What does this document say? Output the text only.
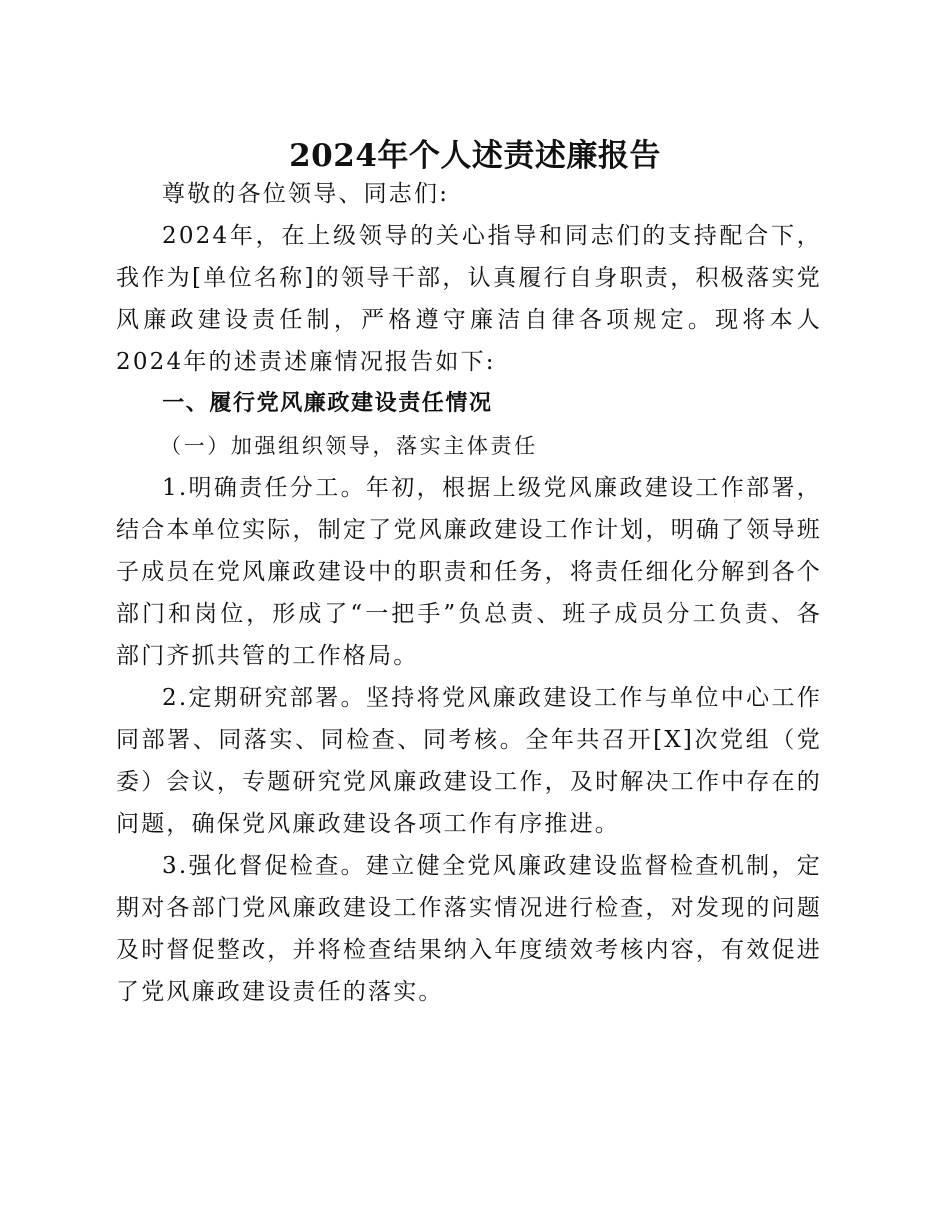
2024年个人述责述廉报告

尊敬的各位领导、同志们:

2024年，在上级领导的关心指导和同志们的支持配合下，我作为[单位名称]的领导干部，认真履行自身职责，积极落实党风廉政建设责任制，严格遵守廉洁自律各项规定。现将本人2024年的述责述廉情况报告如下:

一、履行党风廉政建设责任情况

（一）加强组织领导，落实主体责任

1.明确责任分工。年初，根据上级党风廉政建设工作部署，结合本单位实际，制定了党风廉政建设工作计划，明确了领导班子成员在党风廉政建设中的职责和任务，将责任细化分解到各个部门和岗位，形成了“一把手”负总责、班子成员分工负责、各部门齐抓共管的工作格局。

2.定期研究部署。坚持将党风廉政建设工作与单位中心工作同部署、同落实、同检查、同考核。全年共召开[X]次党组（党委）会议，专题研究党风廉政建设工作，及时解决工作中存在的问题，确保党风廉政建设各项工作有序推进。

3.强化督促检查。建立健全党风廉政建设监督检查机制，定期对各部门党风廉政建设工作落实情况进行检查，对发现的问题及时督促整改，并将检查结果纳入年度绩效考核内容，有效促进了党风廉政建设责任的落实。
